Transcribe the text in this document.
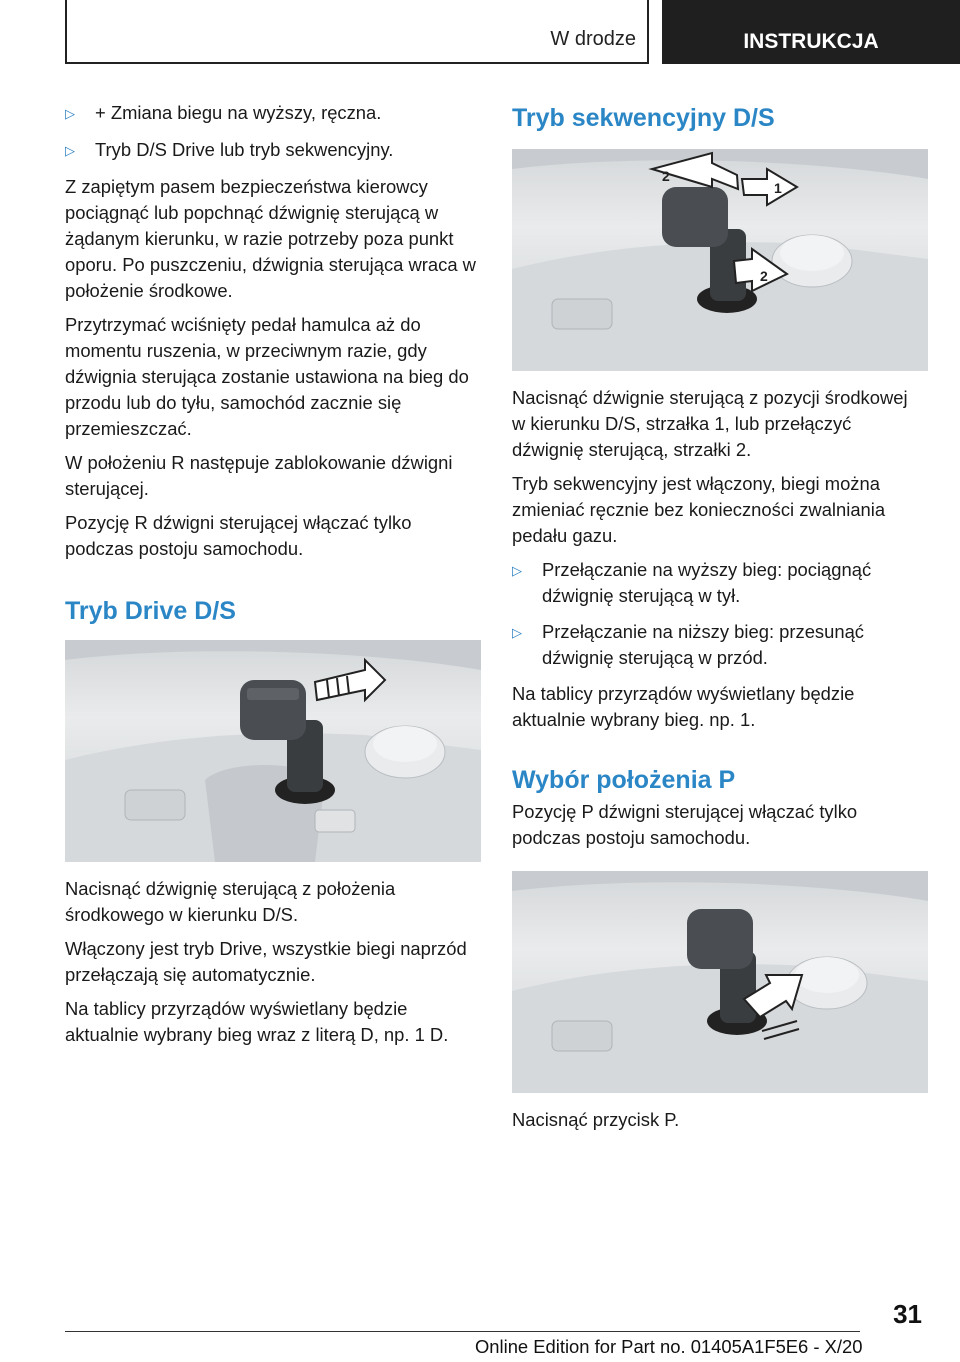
W drodze	INSTRUKCJA
▷	+ Zmiana biegu na wyższy, ręczna.
▷	Tryb D/S Drive lub tryb sekwencyjny.

Z zapiętym pasem bezpieczeństwa kierowcy pociągnąć lub popchnąć dźwignię sterującą w żądanym kierunku, w razie potrzeby poza punkt oporu. Po puszczeniu, dźwignia sterująca wraca w położenie środkowe.

Przytrzymać wciśnięty pedał hamulca aż do momentu ruszenia, w przeciwnym razie, gdy dźwignia sterująca zostanie ustawiona na bieg do przodu lub do tyłu, samochód zacznie się przemieszczać.

W położeniu R następuje zablokowanie dźwigni sterującej.

Pozycję R dźwigni sterującej włączać tylko podczas postoju samochodu.

Tryb Drive D/S

Nacisnąć dźwignię sterującą z położenia środkowego w kierunku D/S.

Włączony jest tryb Drive, wszystkie biegi naprzód przełączają się automatycznie.

Na tablicy przyrządów wyświetlany będzie aktualnie wybrany bieg wraz z literą D, np. 1 D.

Tryb sekwencyjny D/S
2
1
2

Nacisnąć dźwignie sterującą z pozycji środkowej w kierunku D/S, strzałka 1, lub przełączyć dźwignię sterującą, strzałki 2.

Tryb sekwencyjny jest włączony, biegi można zmieniać ręcznie bez konieczności zwalniania pedału gazu.

▷	Przełączanie na wyższy bieg: pociągnąć dźwignię sterującą w tył.
▷	Przełączanie na niższy bieg: przesunąć dźwignię sterującą w przód.

Na tablicy przyrządów wyświetlany będzie aktualnie wybrany bieg. np. 1.

Wybór położenia P

Pozycję P dźwigni sterującej włączać tylko podczas postoju samochodu.

Nacisnąć przycisk P.

31
Online Edition for Part no. 01405A1F5E6 - X/20
